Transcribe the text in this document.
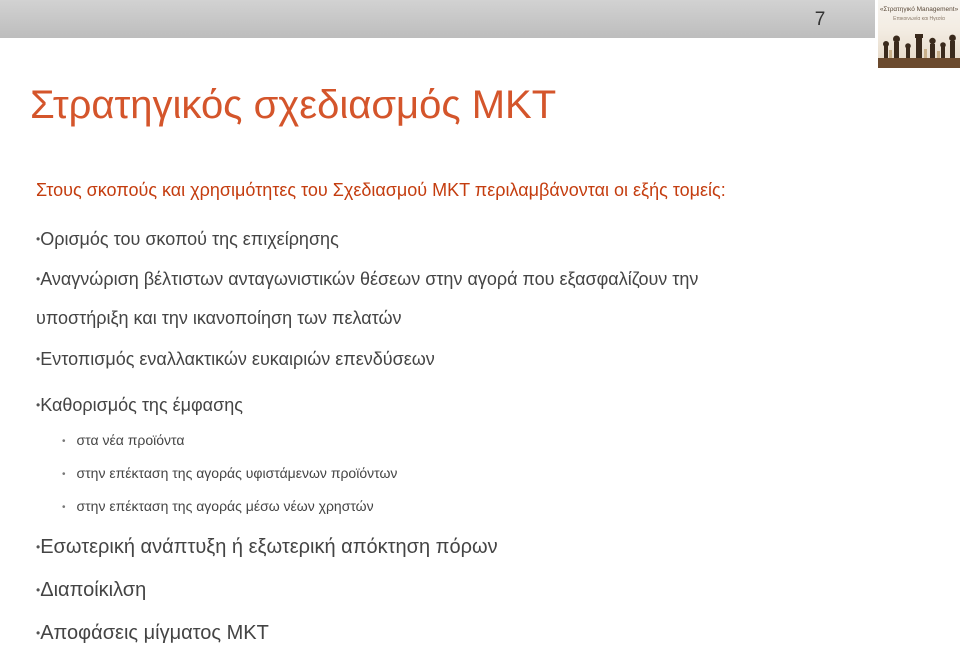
7	«Στρατηγικό Management»
Επικοινωνία και Ηγεσία
Στρατηγικός σχεδιασμός ΜΚΤ
Στους σκοπούς και χρησιμότητες του Σχεδιασμού ΜΚΤ περιλαμβάνονται οι εξής τομείς:
•Ορισμός του σκοπού της επιχείρησης
•Αναγνώριση βέλτιστων ανταγωνιστικών θέσεων στην αγορά που εξασφαλίζουν την
υποστήριξη και την ικανοποίηση των πελατών
•Εντοπισμός εναλλακτικών ευκαιριών επενδύσεων
•Καθορισμός της έμφασης
• στα νέα προϊόντα
• στην επέκταση της αγοράς υφιστάμενων προϊόντων
• στην επέκταση της αγοράς μέσω νέων χρηστών
•Εσωτερική ανάπτυξη ή εξωτερική απόκτηση πόρων
•Διαποίκιλση
•Αποφάσεις μίγματος ΜΚΤ
